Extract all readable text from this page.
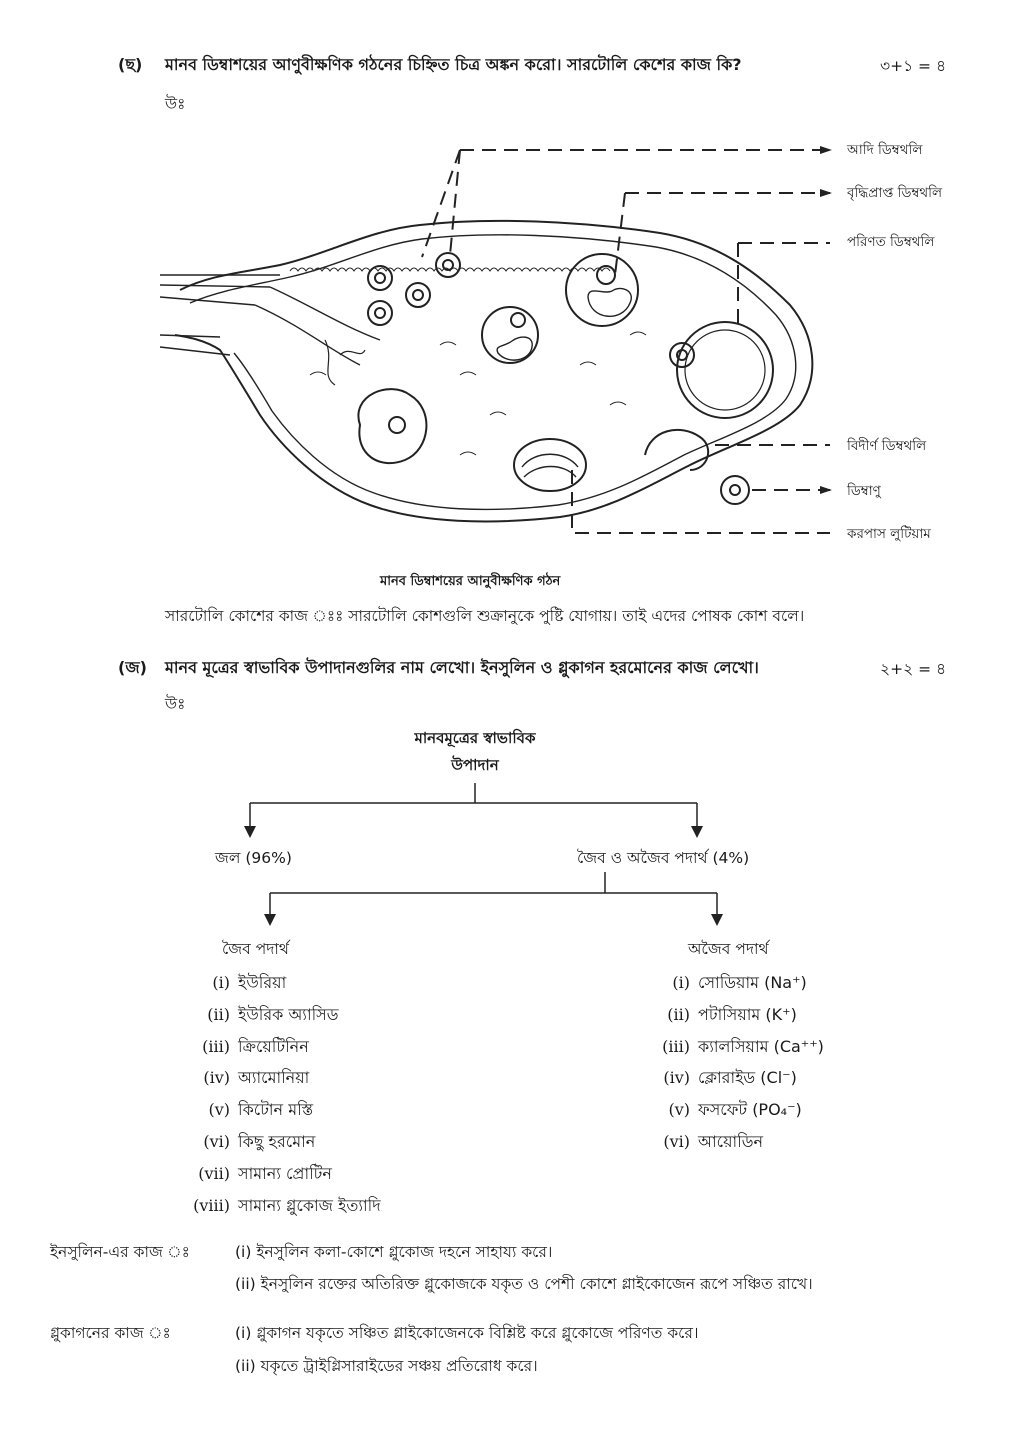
(ছ) মানব ডিম্বাশয়ের আণুবীক্ষণিক গঠনের চিহ্নিত চিত্র অঙ্কন করো। সারটোলি কেশের কাজ কি?	৩+১ = ৪
উঃ
আদি ডিম্বথলি
বৃদ্ধিপ্রাপ্ত ডিম্বথলি
পরিণত ডিম্বথলি
বিদীর্ণ ডিম্বথলি
ডিম্বাণু
করপাস লুটিয়াম
মানব ডিম্বাশয়ের আনুবীক্ষণিক গঠন
সারটোলি কোশের কাজ ঃঃ সারটোলি কোশগুলি শুক্রানুকে পুষ্টি যোগায়। তাই এদের পোষক কোশ বলে।
(জ) মানব মূত্রের স্বাভাবিক উপাদানগুলির নাম লেখো। ইনসুলিন ও গ্লুকাগন হরমোনের কাজ লেখো।	২+২ = ৪
উঃ
মানবমূত্রের স্বাভাবিক
উপাদান
জল (96%)	জৈব ও অজৈব পদার্থ (4%)
জৈব পদার্থ	অজৈব পদার্থ
(i) ইউরিয়া
(ii) ইউরিক অ্যাসিড
(iii) ক্রিয়েটিনিন
(iv) অ্যামোনিয়া
(v) কিটোন মস্তি
(vi) কিছু হরমোন
(vii) সামান্য প্রোটিন
(viii) সামান্য গ্লুকোজ ইত্যাদি
(i) সোডিয়াম (Na⁺)
(ii) পটাসিয়াম (K⁺)
(iii) ক্যালসিয়াম (Ca⁺⁺)
(iv) ক্লোরাইড (Cl⁻)
(v) ফসফেট (PO₄⁻)
(vi) আয়োডিন
ইনসুলিন-এর কাজ ঃ	(i) ইনসুলিন কলা-কোশে গ্লুকোজ দহনে সাহায্য করে।
(ii) ইনসুলিন রক্তের অতিরিক্ত গ্লুকোজকে যকৃত ও পেশী কোশে গ্লাইকোজেন রূপে সঞ্চিত রাখে।
গ্লুকাগনের কাজ ঃ	(i) গ্লুকাগন যকৃতে সঞ্চিত গ্লাইকোজেনকে বিশ্লিষ্ট করে গ্লুকোজে পরিণত করে।
(ii) যকৃতে ট্রাইগ্লিসারাইডের সঞ্চয় প্রতিরোধ করে।
